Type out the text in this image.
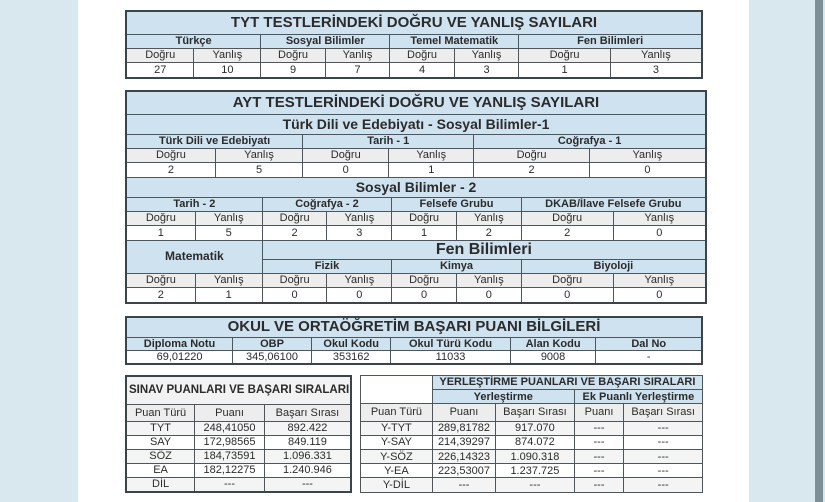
TYT TESTLERİNDEKİ DOĞRU VE YANLIŞ SAYILARI							
Türkçe		Sosyal Bilimler		Temel Matematik		Fen Bilimleri	
Doğru	Yanlış	Doğru	Yanlış	Doğru	Yanlış	Doğru	Yanlış
27	10	9	7	4	3	1	3
AYT TESTLERİNDEKİ DOĞRU VE YANLIŞ SAYILARI
Türk Dili ve Edebiyatı - Sosyal Bilimler-1					
Türk Dili ve Edebiyatı		Tarih - 1		Coğrafya - 1	
Doğru	Yanlış	Doğru	Yanlış	Doğru	Yanlış
2	5	0	1	2	0
Sosyal Bilimler - 2							
Tarih - 2		Coğrafya - 2		Felsefe Grubu		DKAB/İlave Felsefe Grubu	
Doğru	Yanlış	Doğru	Yanlış	Doğru	Yanlış	Doğru	Yanlış
1	5	2	3	1	2	2	0
Matematik		Fen Bilimleri					
		Fizik		Kimya		Biyoloji	
Doğru	Yanlış	Doğru	Yanlış	Doğru	Yanlış	Doğru	Yanlış
2	1	0	0	0	0	0	0
OKUL VE ORTAÖĞRETİM BAŞARI PUANI BİLGİLERİ					
Diploma Notu	OBP	Okul Kodu	Okul Türü Kodu	Alan Kodu	Dal No
69,01220	345,06100	353162	11033	9008	-
SINAV PUANLARI VE BAŞARI SIRALARI		
Puan Türü	Puanı	Başarı Sırası
TYT	248,41050	892.422
SAY	172,98565	849.119
SÖZ	184,73591	1.096.331
EA	182,12275	1.240.946
DİL	---	---
	YERLEŞTİRME PUANLARI VE BAŞARI SIRALARI			
	Yerleştirme		Ek Puanlı Yerleştirme	
Puan Türü	Puanı	Başarı Sırası	Puanı	Başarı Sırası
Y-TYT	289,81782	917.070	---	---
Y-SAY	214,39297	874.072	---	---
Y-SÖZ	226,14323	1.090.318	---	---
Y-EA	223,53007	1.237.725	---	---
Y-DİL	---	---	---	---
